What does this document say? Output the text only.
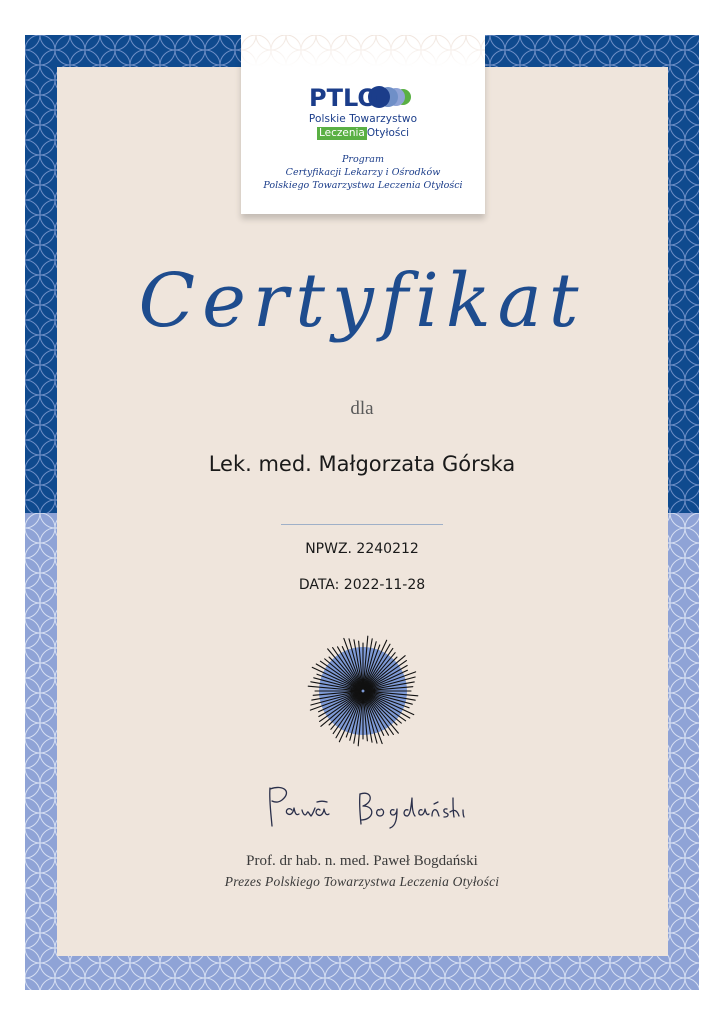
PTLO
Polskie Towarzystwo
Leczenia Otyłości
Program
Certyfikacji Lekarzy i Ośrodków
Polskiego Towarzystwa Leczenia Otyłości
Certyfikat
dla
Lek. med. Małgorzata Górska
NPWZ. 2240212
DATA: 2022-11-28
Prof. dr hab. n. med. Paweł Bogdański
Prezes Polskiego Towarzystwa Leczenia Otyłości
